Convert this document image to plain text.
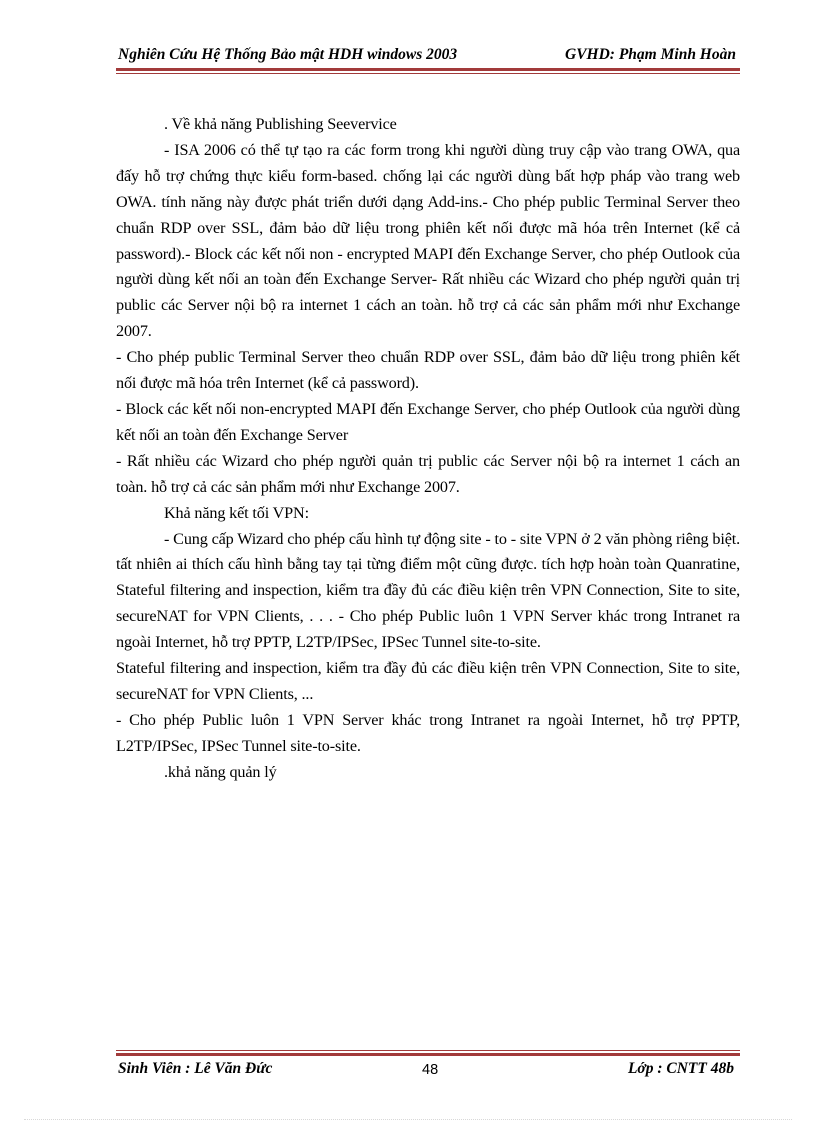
Nghiên Cứu Hệ Thống Bảo mật HDH windows 2003	GVHD: Phạm Minh Hoàn

. Về khả năng Publishing Seevervice

- ISA 2006 có thể tự tạo ra các form trong khi người dùng truy cập vào trang OWA, qua đấy hỗ trợ chứng thực kiểu form-based. chống lại các người dùng bất hợp pháp vào trang web OWA. tính năng này được phát triển dưới dạng Add-ins.- Cho phép public Terminal Server theo chuẩn RDP over SSL, đảm bảo dữ liệu trong phiên kết nối được mã hóa trên Internet (kể cả password).- Block các kết nối non - encrypted MAPI đến Exchange Server, cho phép Outlook của người dùng kết nối an toàn đến Exchange Server- Rất nhiều các Wizard cho phép người quản trị public các Server nội bộ ra internet 1 cách an toàn. hỗ trợ cả các sản phẩm mới như Exchange 2007.

- Cho phép public Terminal Server theo chuẩn RDP over SSL, đảm bảo dữ liệu trong phiên kết nối được mã hóa trên Internet (kể cả password).

- Block các kết nối non-encrypted MAPI đến Exchange Server, cho phép Outlook của người dùng kết nối an toàn đến Exchange Server

- Rất nhiều các Wizard cho phép người quản trị public các Server nội bộ ra internet 1 cách an toàn. hỗ trợ cả các sản phẩm mới như Exchange 2007.

Khả năng kết tối VPN:

- Cung cấp Wizard cho phép cấu hình tự động site - to - site VPN ở 2 văn phòng riêng biệt. tất nhiên ai thích cấu hình bằng tay tại từng điểm một cũng được. tích hợp hoàn toàn Quanratine, Stateful filtering and inspection, kiểm tra đầy đủ các điều kiện trên VPN Connection, Site to site, secureNAT for VPN Clients, . . . - Cho phép Public luôn 1 VPN Server khác trong Intranet ra ngoài Internet, hỗ trợ PPTP, L2TP/IPSec, IPSec Tunnel site-to-site.

Stateful filtering and inspection, kiểm tra đầy đủ các điều kiện trên VPN Connection, Site to site, secureNAT for VPN Clients, ...

- Cho phép Public luôn 1 VPN Server khác trong Intranet ra ngoài Internet, hỗ trợ PPTP, L2TP/IPSec, IPSec Tunnel site-to-site.

.khả năng quản lý

Sinh Viên : Lê Văn Đức	48	Lớp : CNTT 48b
